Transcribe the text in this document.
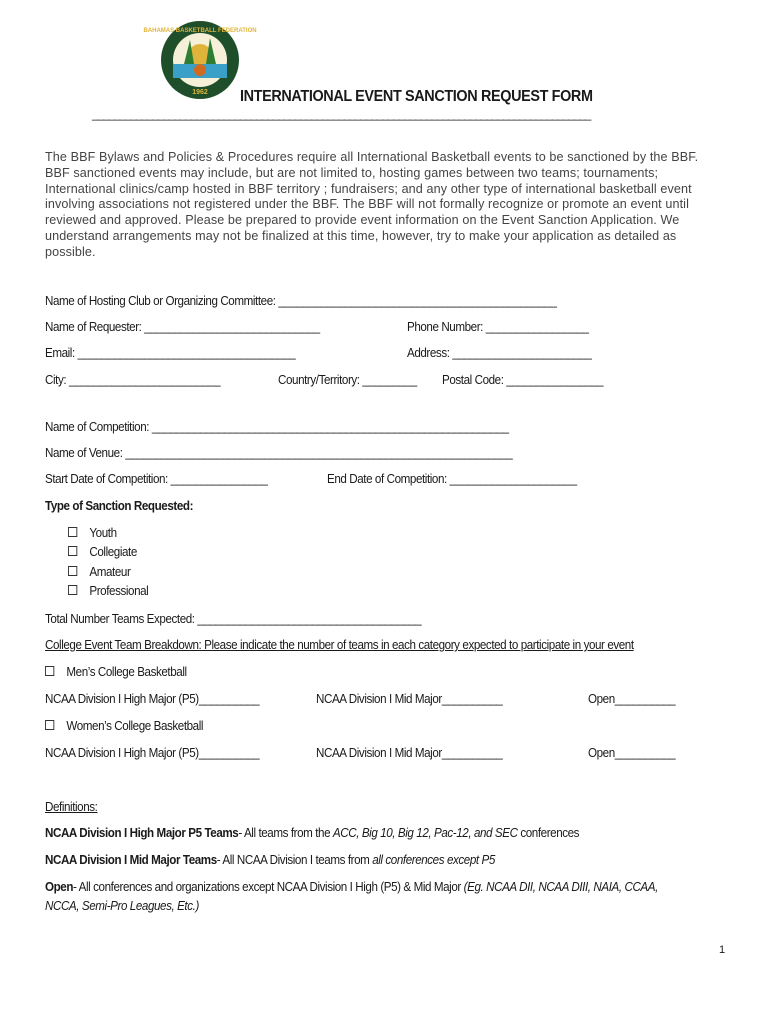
BAHAMAS BASKETBALL FEDERATION
1962 INTERNATIONAL EVENT SANCTION REQUEST FORM
___________________________________________________________________________________________
The BBF Bylaws and Policies & Procedures require all International Basketball events to be sanctioned by the BBF.
BBF sanctioned events may include, but are not limited to, hosting games between two teams; tournaments;
International clinics/camp hosted in BBF territory ; fundraisers; and any other type of international basketball event
involving associations not registered under the BBF. The BBF will not formally recognize or promote an event until
reviewed and approved. Please be prepared to provide event information on the Event Sanction Application. We
understand arrangements may not be finalized at this time, however, try to make your application as detailed as
possible.
Name of Hosting Club or Organizing Committee: ______________________________________________
Name of Requester: _____________________________	Phone Number: _________________
Email: ____________________________________	Address: _______________________
City: _________________________	Country/Territory: _________ Postal Code: ________________
Name of Competition: ___________________________________________________________
Name of Venue: ________________________________________________________________
Start Date of Competition: ________________	End Date of Competition: _____________________
Type of Sanction Requested:
Youth
Collegiate
Amateur
Professional
Total Number Teams Expected: _____________________________________
College Event Team Breakdown: Please indicate the number of teams in each category expected to participate in your event
Men’s College Basketball
NCAA Division I High Major (P5)__________	NCAA Division I Mid Major__________	Open__________
Women’s College Basketball
NCAA Division I High Major (P5)__________	NCAA Division I Mid Major__________	Open__________
Definitions:
NCAA Division I High Major P5 Teams- All teams from the ACC, Big 10, Big 12, Pac-12, and SEC conferences
NCAA Division I Mid Major Teams- All NCAA Division I teams from all conferences except P5
Open- All conferences and organizations except NCAA Division I High (P5) & Mid Major (Eg. NCAA DII, NCAA DIII, NAIA, CCAA,
NCCA, Semi-Pro Leagues, Etc.)
1
